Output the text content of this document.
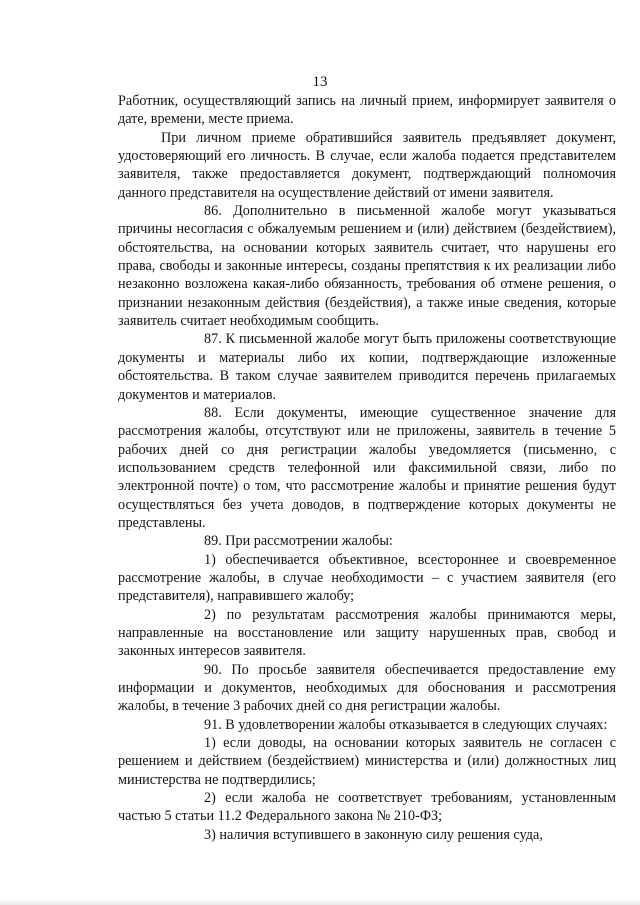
13

Работник, осуществляющий запись на личный прием, информирует заявителя о дате, времени, месте приема.

При личном приеме обратившийся заявитель предъявляет документ, удостоверяющий его личность. В случае, если жалоба подается представителем заявителя, также предоставляется документ, подтверждающий полномочия данного представителя на осуществление действий от имени заявителя.

86. Дополнительно в письменной жалобе могут указываться причины несогласия с обжалуемым решением и (или) действием (бездействием), обстоятельства, на основании которых заявитель считает, что нарушены его права, свободы и законные интересы, созданы препятствия к их реализации либо незаконно возложена какая-либо обязанность, требования об отмене решения, о признании незаконным действия (бездействия), а также иные сведения, которые заявитель считает необходимым сообщить.

87. К письменной жалобе могут быть приложены соответствующие документы и материалы либо их копии, подтверждающие изложенные обстоятельства. В таком случае заявителем приводится перечень прилагаемых документов и материалов.

88. Если документы, имеющие существенное значение для рассмотрения жалобы, отсутствуют или не приложены, заявитель в течение 5 рабочих дней со дня регистрации жалобы уведомляется (письменно, с использованием средств телефонной или факсимильной связи, либо по электронной почте) о том, что рассмотрение жалобы и принятие решения будут осуществляться без учета доводов, в подтверждение которых документы не представлены.

89. При рассмотрении жалобы:

1) обеспечивается объективное, всестороннее и своевременное рассмотрение жалобы, в случае необходимости – с участием заявителя (его представителя), направившего жалобу;

2) по результатам рассмотрения жалобы принимаются меры, направленные на восстановление или защиту нарушенных прав, свобод и законных интересов заявителя.

90. По просьбе заявителя обеспечивается предоставление ему информации и документов, необходимых для обоснования и рассмотрения жалобы, в течение 3 рабочих дней со дня регистрации жалобы.

91. В удовлетворении жалобы отказывается в следующих случаях:

1) если доводы, на основании которых заявитель не согласен с решением и действием (бездействием) министерства и (или) должностных лиц министерства не подтвердились;

2) если жалоба не соответствует требованиям, установленным частью 5 статьи 11.2 Федерального закона № 210-ФЗ;

3) наличия вступившего в законную силу решения суда,
